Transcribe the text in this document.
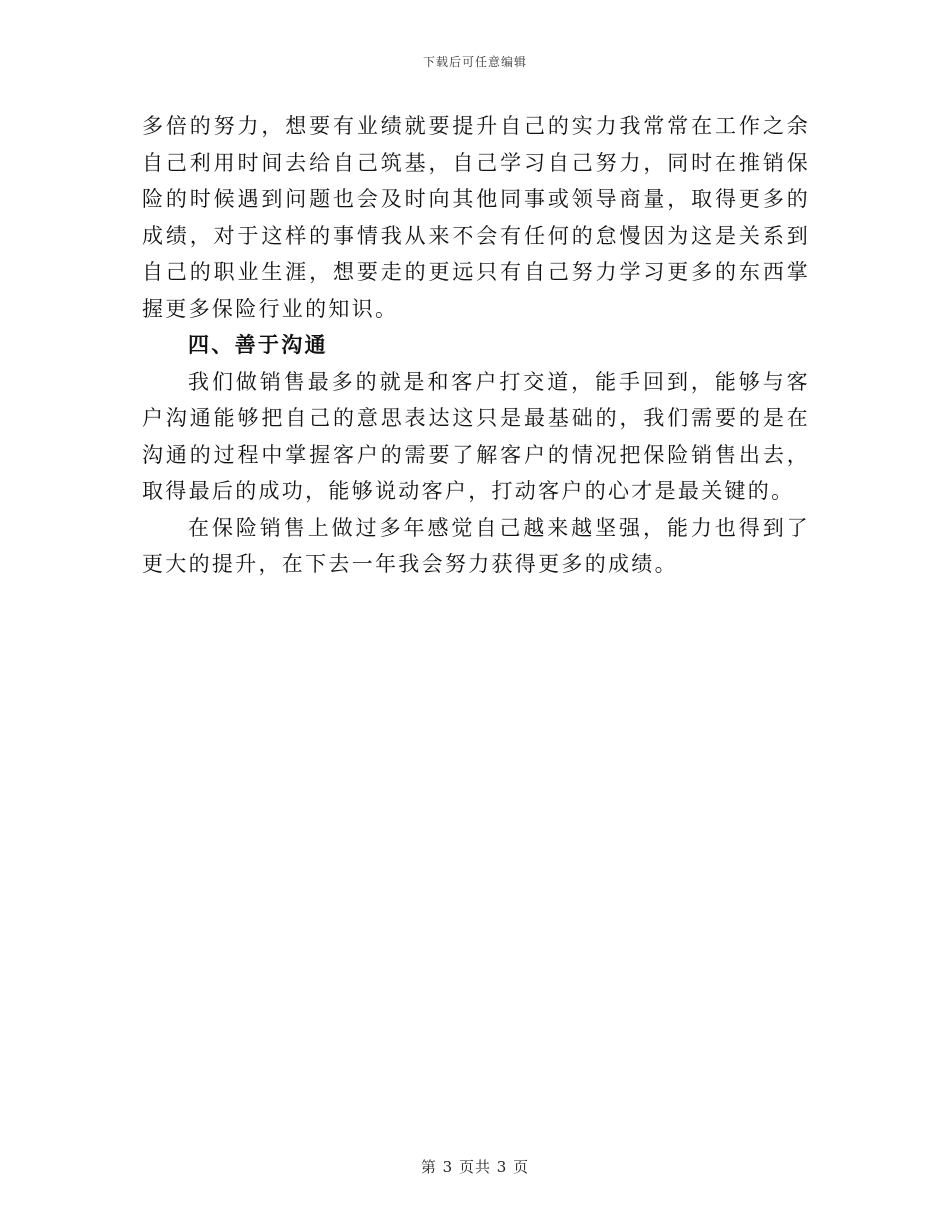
下载后可任意编辑

多倍的努力，想要有业绩就要提升自己的实力我常常在工作之余自己利用时间去给自己筑基，自己学习自己努力，同时在推销保险的时候遇到问题也会及时向其他同事或领导商量，取得更多的成绩，对于这样的事情我从来不会有任何的怠慢因为这是关系到自己的职业生涯，想要走的更远只有自己努力学习更多的东西掌握更多保险行业的知识。

四、善于沟通

我们做销售最多的就是和客户打交道，能手回到，能够与客户沟通能够把自己的意思表达这只是最基础的，我们需要的是在沟通的过程中掌握客户的需要了解客户的情况把保险销售出去，取得最后的成功，能够说动客户，打动客户的心才是最关键的。

在保险销售上做过多年感觉自己越来越坚强，能力也得到了更大的提升，在下去一年我会努力获得更多的成绩。

第 3 页共 3 页
